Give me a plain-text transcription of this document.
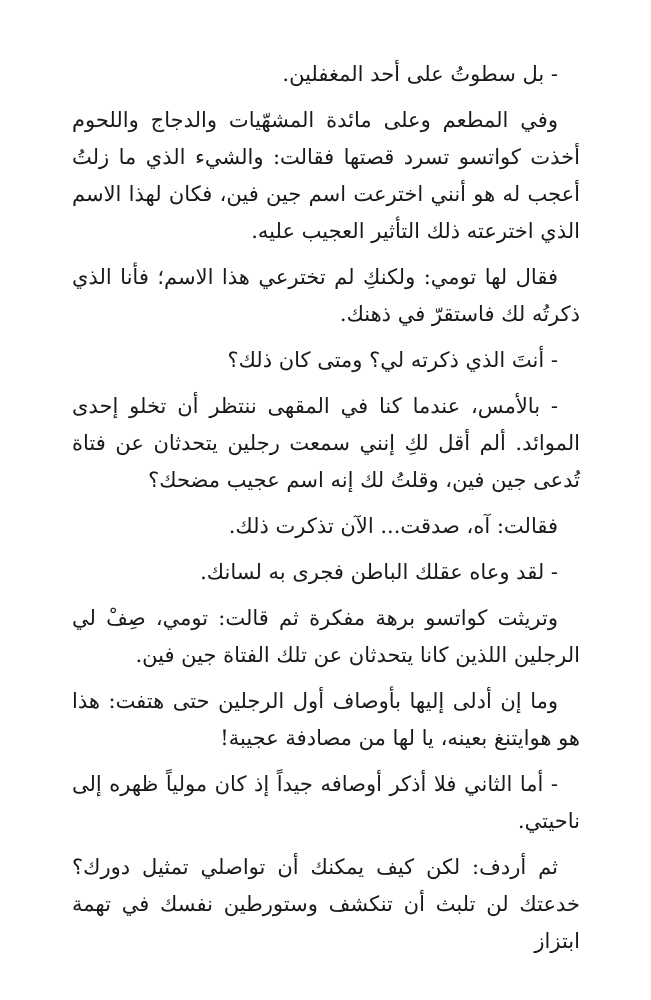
- بل سطوتُ على أحد المغفلين.

وفي المطعم وعلى مائدة المشهّيات والدجاج واللحوم أخذت كواتسو تسرد قصتها فقالت: والشيء الذي ما زلتُ أعجب له هو أنني اخترعت اسم جين فين، فكان لهذا الاسم الذي اخترعته ذلك التأثير العجيب عليه.

فقال لها تومي: ولكنكِ لم تخترعي هذا الاسم؛ فأنا الذي ذكرتُه لك فاستقرّ في ذهنك.

- أنتَ الذي ذكرته لي؟ ومتى كان ذلك؟

- بالأمس، عندما كنا في المقهى ننتظر أن تخلو إحدى الموائد. ألم أقل لكِ إنني سمعت رجلين يتحدثان عن فتاة تُدعى جين فين، وقلتُ لك إنه اسم عجيب مضحك؟

فقالت: آه، صدقت... الآن تذكرت ذلك.

- لقد وعاه عقلك الباطن فجرى به لسانك.

وتريثت كواتسو برهة مفكرة ثم قالت: تومي، صِفْ لي الرجلين اللذين كانا يتحدثان عن تلك الفتاة جين فين.

وما إن أدلى إليها بأوصاف أول الرجلين حتى هتفت: هذا هو هوايتنغ بعينه، يا لها من مصادفة عجيبة!

- أما الثاني فلا أذكر أوصافه جيداً إذ كان مولياً ظهره إلى ناحيتي.

ثم أردف: لكن كيف يمكنك أن تواصلي تمثيل دورك؟ خدعتك لن تلبث أن تنكشف وستورطين نفسك في تهمة ابتزاز
